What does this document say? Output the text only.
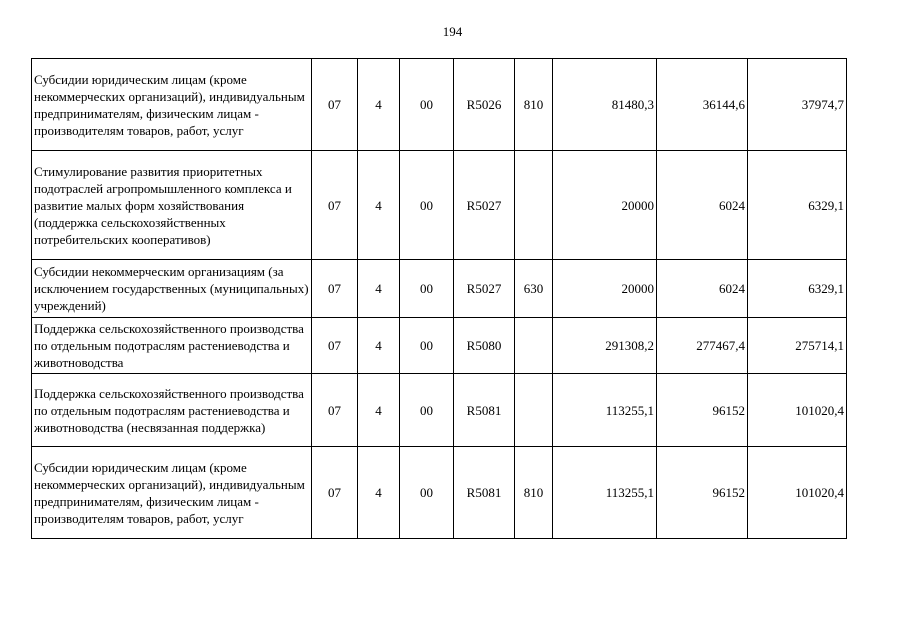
194
Субсидии юридическим лицам (кроме некоммерческих организаций), индивидуальным предпринимателям, физическим лицам - производителям товаров, работ, услуг	07	4	00	R5026	810	81480,3	36144,6	37974,7
Стимулирование развития приоритетных подотраслей агропромышленного комплекса и развитие малых форм хозяйствования (поддержка сельскохозяйственных потребительских кооперативов)	07	4	00	R5027		20000	6024	6329,1
Субсидии некоммерческим организациям (за исключением государственных (муниципальных) учреждений)	07	4	00	R5027	630	20000	6024	6329,1
Поддержка сельскохозяйственного производства по отдельным подотраслям растениеводства и животноводства	07	4	00	R5080		291308,2	277467,4	275714,1
Поддержка сельскохозяйственного производства по отдельным подотраслям растениеводства и животноводства (несвязанная поддержка)	07	4	00	R5081		113255,1	96152	101020,4
Субсидии юридическим лицам (кроме некоммерческих организаций), индивидуальным предпринимателям, физическим лицам - производителям товаров, работ, услуг	07	4	00	R5081	810	113255,1	96152	101020,4
